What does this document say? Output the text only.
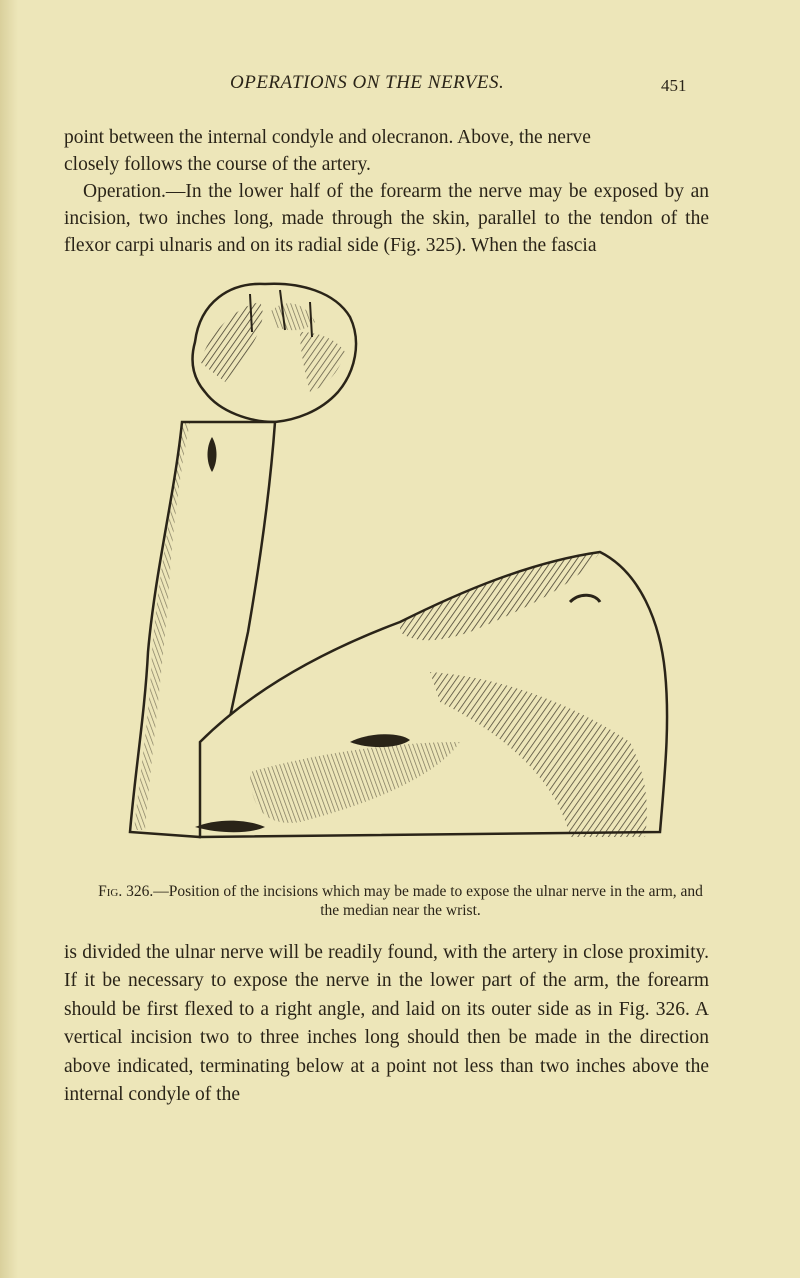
OPERATIONS ON THE NERVES.	451

point between the internal condyle and olecranon. Above, the nerve
closely follows the course of the artery.

Operation.—In the lower half of the forearm the nerve may be exposed by an incision, two inches long, made through the skin, parallel to the tendon of the flexor carpi ulnaris and on its radial side (Fig. 325). When the fascia

Fig. 326.—Position of the incisions which may be made to expose the ulnar nerve in the arm, and the median near the wrist.

is divided the ulnar nerve will be readily found, with the artery in close proximity. If it be necessary to expose the nerve in the lower part of the arm, the forearm should be first flexed to a right angle, and laid on its outer side as in Fig. 326. A vertical incision two to three inches long should then be made in the direction above indicated, terminating below at a point not less than two inches above the internal condyle of the
